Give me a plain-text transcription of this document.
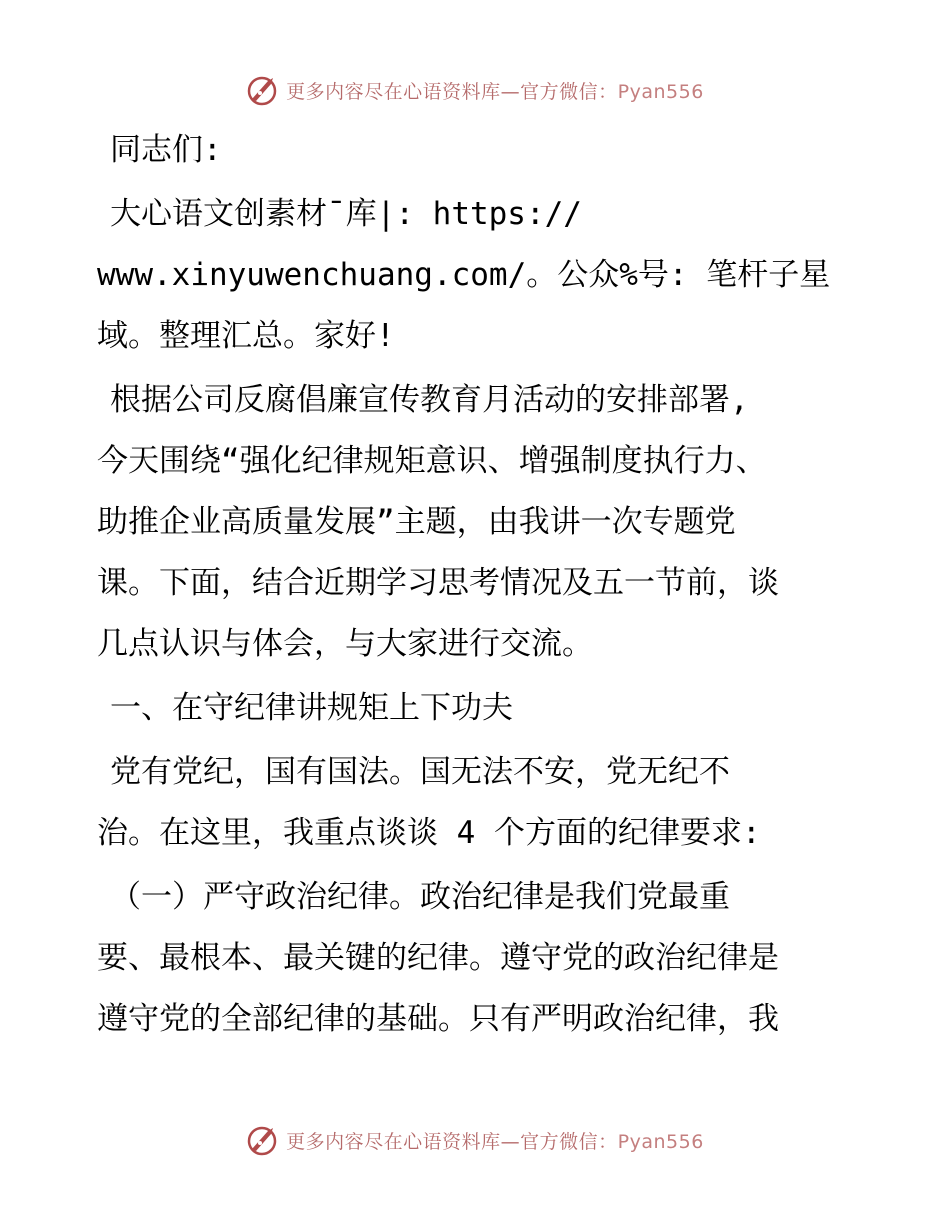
更多内容尽在心语资料库—官方微信：Pyan556
同志们:
大心语文创素材¯库|: https://
www.xinyuwenchuang.com/。公众%号: 笔杆子星
域。整理汇总。家好!
根据公司反腐倡廉宣传教育月活动的安排部署,
今天围绕“强化纪律规矩意识、增强制度执行力、
助推企业高质量发展”主题，由我讲一次专题党
课。下面，结合近期学习思考情况及五一节前，谈
几点认识与体会，与大家进行交流。
一、在守纪律讲规矩上下功夫
党有党纪，国有国法。国无法不安，党无纪不
治。在这里，我重点谈谈 4 个方面的纪律要求:
（一）严守政治纪律。政治纪律是我们党最重
要、最根本、最关键的纪律。遵守党的政治纪律是
遵守党的全部纪律的基础。只有严明政治纪律，我
更多内容尽在心语资料库—官方微信：Pyan556
